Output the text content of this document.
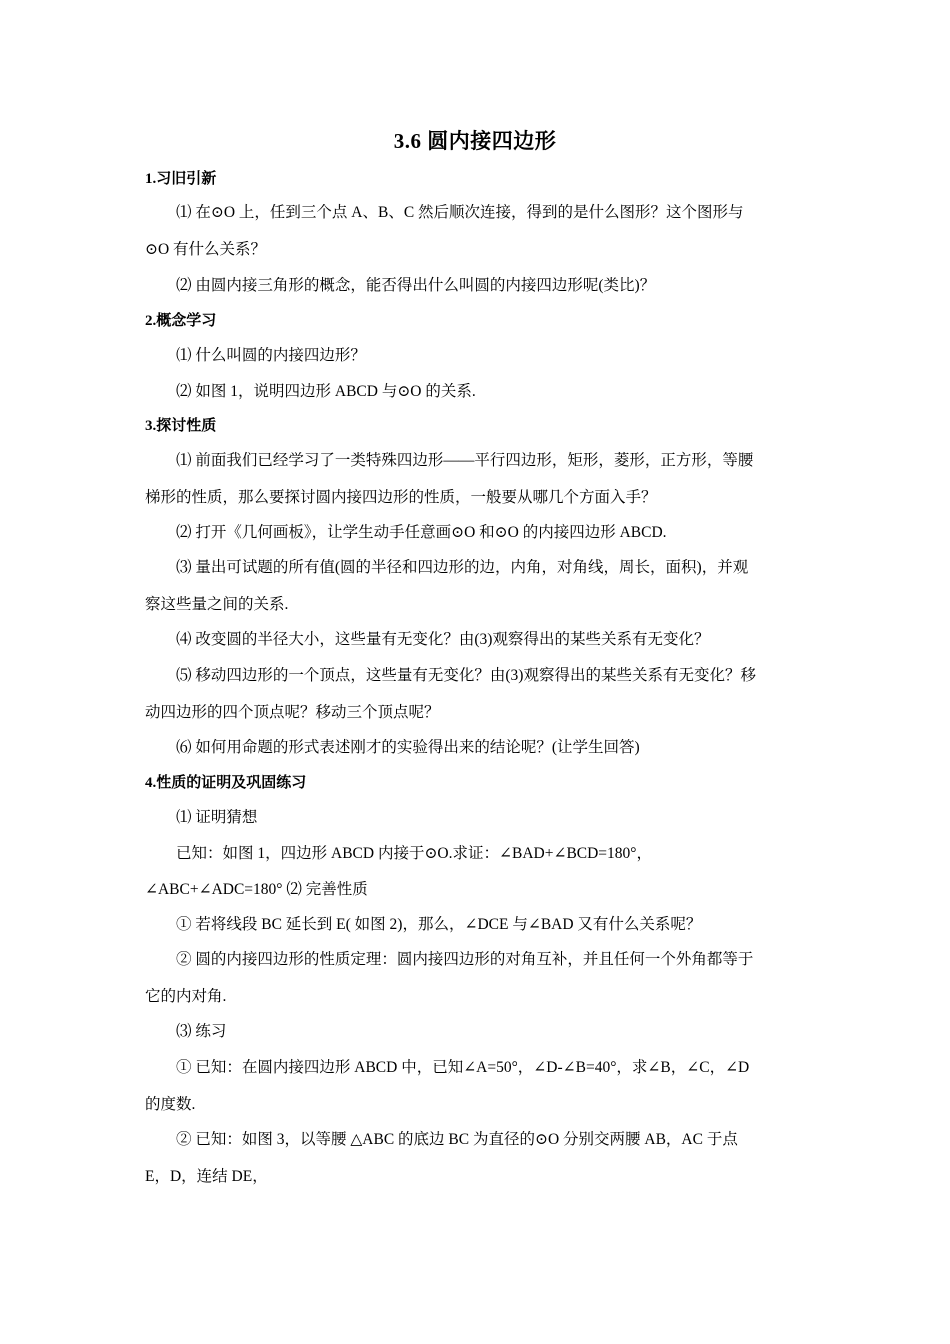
3.6 圆内接四边形
1.习旧引新
⑴ 在⊙O 上，任到三个点 A、B、C 然后顺次连接，得到的是什么图形？这个图形与
⊙O 有什么关系？
⑵ 由圆内接三角形的概念，能否得出什么叫圆的内接四边形呢(类比)？
2.概念学习
⑴ 什么叫圆的内接四边形？
⑵ 如图 1，说明四边形 ABCD 与⊙O 的关系.
3.探讨性质
⑴ 前面我们已经学习了一类特殊四边形——平行四边形，矩形，菱形，正方形，等腰
梯形的性质，那么要探讨圆内接四边形的性质，一般要从哪几个方面入手？
⑵ 打开《几何画板》，让学生动手任意画⊙O 和⊙O 的内接四边形 ABCD.
⑶ 量出可试题的所有值(圆的半径和四边形的边，内角，对角线，周长，面积)，并观
察这些量之间的关系.
⑷ 改变圆的半径大小，这些量有无变化？由(3)观察得出的某些关系有无变化？
⑸ 移动四边形的一个顶点，这些量有无变化？由(3)观察得出的某些关系有无变化？移
动四边形的四个顶点呢？移动三个顶点呢？
⑹ 如何用命题的形式表述刚才的实验得出来的结论呢？(让学生回答)
4.性质的证明及巩固练习
⑴ 证明猜想
已知：如图 1，四边形 ABCD 内接于⊙O.求证：∠BAD+∠BCD=180°，
∠ABC+∠ADC=180° ⑵ 完善性质
① 若将线段 BC 延长到 E( 如图 2)，那么，∠DCE 与∠BAD 又有什么关系呢？
② 圆的内接四边形的性质定理：圆内接四边形的对角互补，并且任何一个外角都等于
它的内对角.
⑶ 练习
① 已知：在圆内接四边形 ABCD 中，已知∠A=50°，∠D-∠B=40°，求∠B，∠C，∠D
的度数.
② 已知：如图 3，以等腰 △ABC 的底边 BC 为直径的⊙O 分别交两腰 AB，AC 于点
E，D，连结 DE，
